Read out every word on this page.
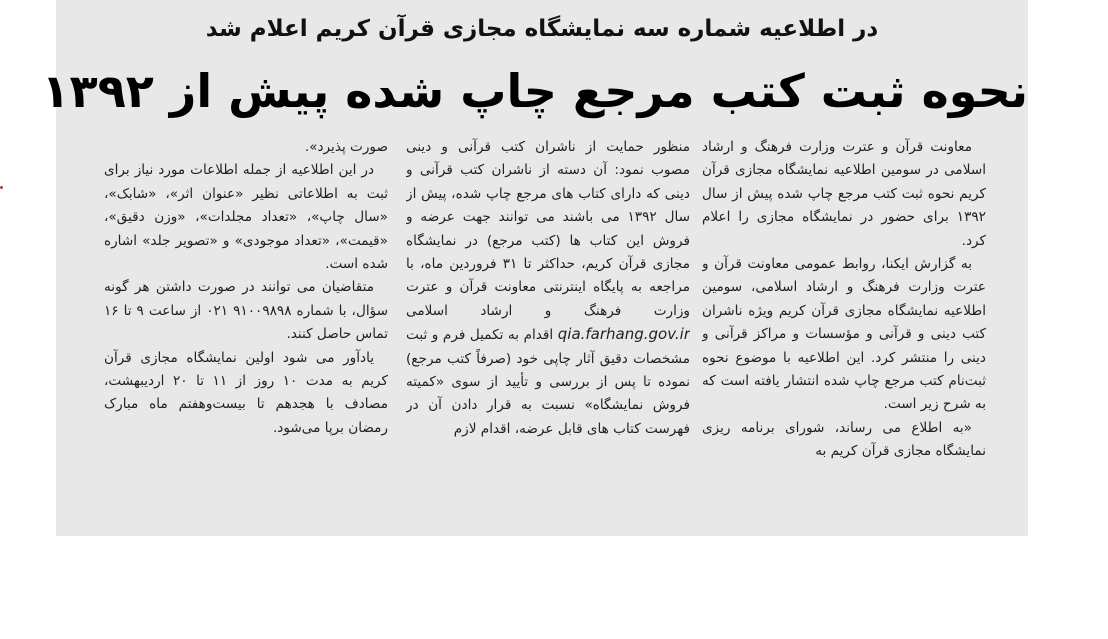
در اطلاعیه شماره سه نمایشگاه مجازی قرآن کریم اعلام شد
نحوه ثبت کتب مرجع چاپ شده پیش از ۱۳۹۲

معاونت قرآن و عترت وزارت فرهنگ و ارشاد اسلامی در سومین اطلاعیه نمایشگاه مجازی قرآن کریم نحوه ثبت کتب مرجع چاپ شده پیش از سال ۱۳۹۲ برای حضور در نمایشگاه مجازی را اعلام کرد.

به گزارش ایکنا، روابط عمومی معاونت قرآن و عترت وزارت فرهنگ و ارشاد اسلامی، سومین اطلاعیه نمایشگاه مجازی قرآن کریم ویژه ناشران کتب دینی و قرآنی و مؤسسات و مراکز قرآنی و دینی را منتشر کرد. این اطلاعیه با موضوع نحوه ثبت‌نام کتب مرجع چاپ شده انتشار یافته است که به شرح زیر است.

«به اطلاع می رساند، شورای برنامه ریزی نمایشگاه مجازی قرآن کریم به

منظور حمایت از ناشران کتب قرآنی و دینی مصوب نمود: آن دسته از ناشران کتب قرآنی و دینی که دارای کتاب های مرجع چاپ شده، پیش از سال ۱۳۹۲ می باشند می توانند جهت عرضه و فروش این کتاب ها (کتب مرجع) در نمایشگاه مجازی قرآن کریم، حداکثر تا ۳۱ فروردین ماه، با مراجعه به پایگاه اینترنتی معاونت قرآن و عترت وزارت فرهنگ و ارشاد اسلامی qia.farhang.gov.ir اقدام به تکمیل فرم و ثبت مشخصات دقیق آثار چاپی خود (صرفاً کتب مرجع) نموده تا پس از بررسی و تأیید از سوی «کمیته فروش نمایشگاه» نسبت به قرار دادن آن در فهرست کتاب های قابل عرضه، اقدام لازم

صورت پذیرد».

در این اطلاعیه از جمله اطلاعات مورد نیاز برای ثبت به اطلاعاتی نظیر «عنوان اثر»، «شابک»، «سال چاپ»، «تعداد مجلدات»، «وزن دقیق»، «قیمت»، «تعداد موجودی» و «تصویر جلد» اشاره شده است.

متقاضیان می توانند در صورت داشتن هر گونه سؤال، با شماره ۹۱۰۰۹۸۹۸ ۰۲۱ از ساعت ۹ تا ۱۶ تماس حاصل کنند.

یادآور می شود اولین نمایشگاه مجازی قرآن کریم به مدت ۱۰ روز از ۱۱ تا ۲۰ اردیبهشت، مصادف با هجدهم تا بیست‌وهفتم ماه مبارک رمضان برپا می‌شود.
